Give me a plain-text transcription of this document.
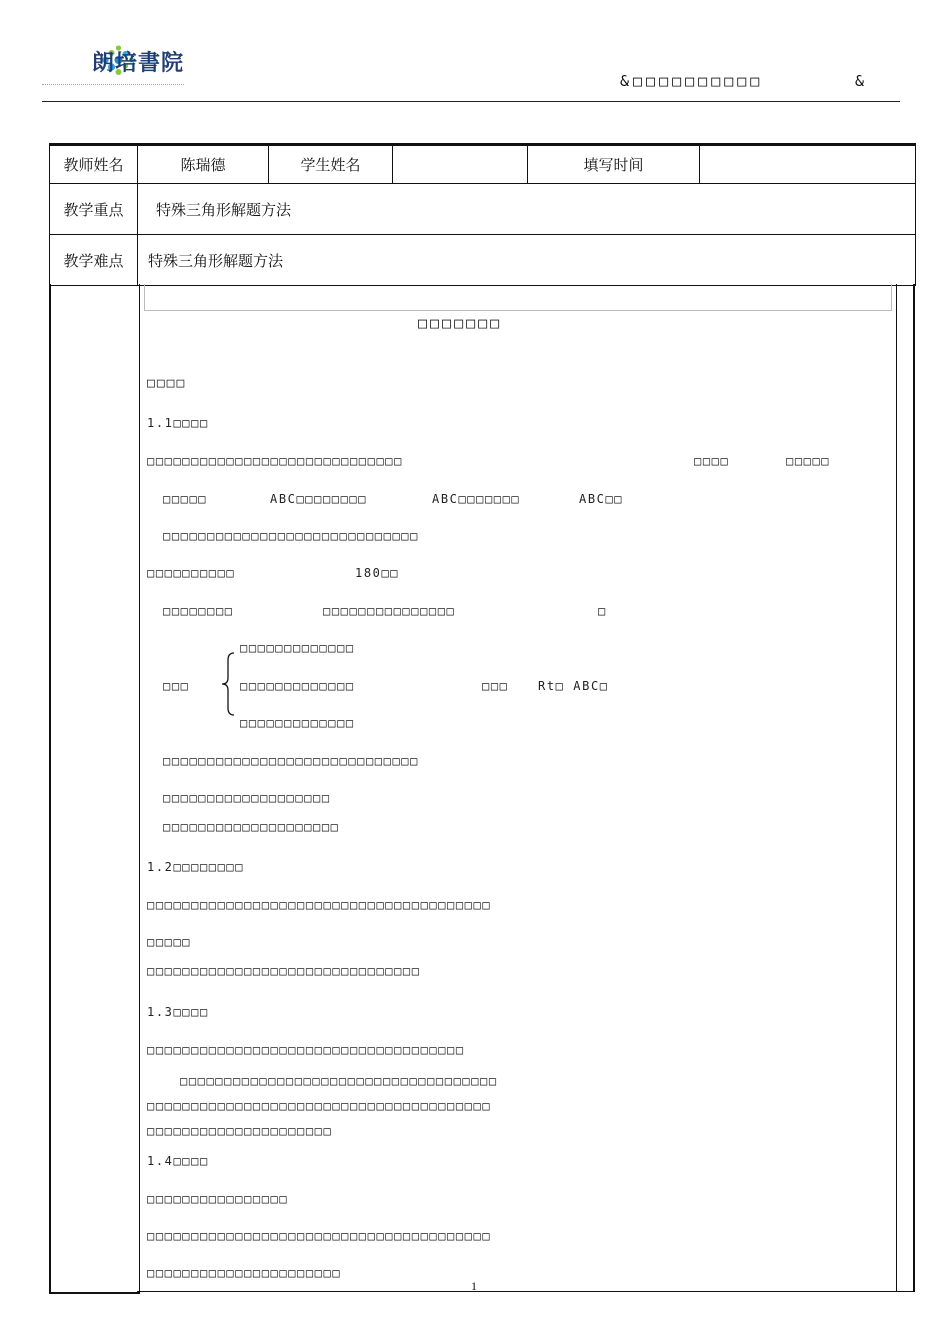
朗培書院
&□□□□□□□□□□	&
教师姓名	陈瑞德	学生姓名		填写时间	
教学重点	特殊三角形解题方法				
教学难点	特殊三角形解题方法				
□□□□□□□
□□□□
1.1□□□□
□□□□□□□□□□□□□□□□□□□□□□□□□□□□□	□□□□	□□□□□
□□□□□	ABC□□□□□□□□	ABC□□□□□□□	ABC□□
□□□□□□□□□□□□□□□□□□□□□□□□□□□□□
□□□□□□□□□□	180□□
□□□□□□□□	□□□□□□□□□□□□□□□	□
□□□□□□□□□□□□□
□□□	□□□□□□□□□□□□□	□□□ Rt□ ABC□
□□□□□□□□□□□□□
□□□□□□□□□□□□□□□□□□□□□□□□□□□□□
□□□□□□□□□□□□□□□□□□□
□□□□□□□□□□□□□□□□□□□□
1.2□□□□□□□□
□□□□□□□□□□□□□□□□□□□□□□□□□□□□□□□□□□□□□□□
□□□□□
□□□□□□□□□□□□□□□□□□□□□□□□□□□□□□□
1.3□□□□
□□□□□□□□□□□□□□□□□□□□□□□□□□□□□□□□□□□□
□□□□□□□□□□□□□□□□□□□□□□□□□□□□□□□□□□□□
□□□□□□□□□□□□□□□□□□□□□□□□□□□□□□□□□□□□□□□
□□□□□□□□□□□□□□□□□□□□□
1.4□□□□
□□□□□□□□□□□□□□□□
□□□□□□□□□□□□□□□□□□□□□□□□□□□□□□□□□□□□□□□
□□□□□□□□□□□□□□□□□□□□□□
1
